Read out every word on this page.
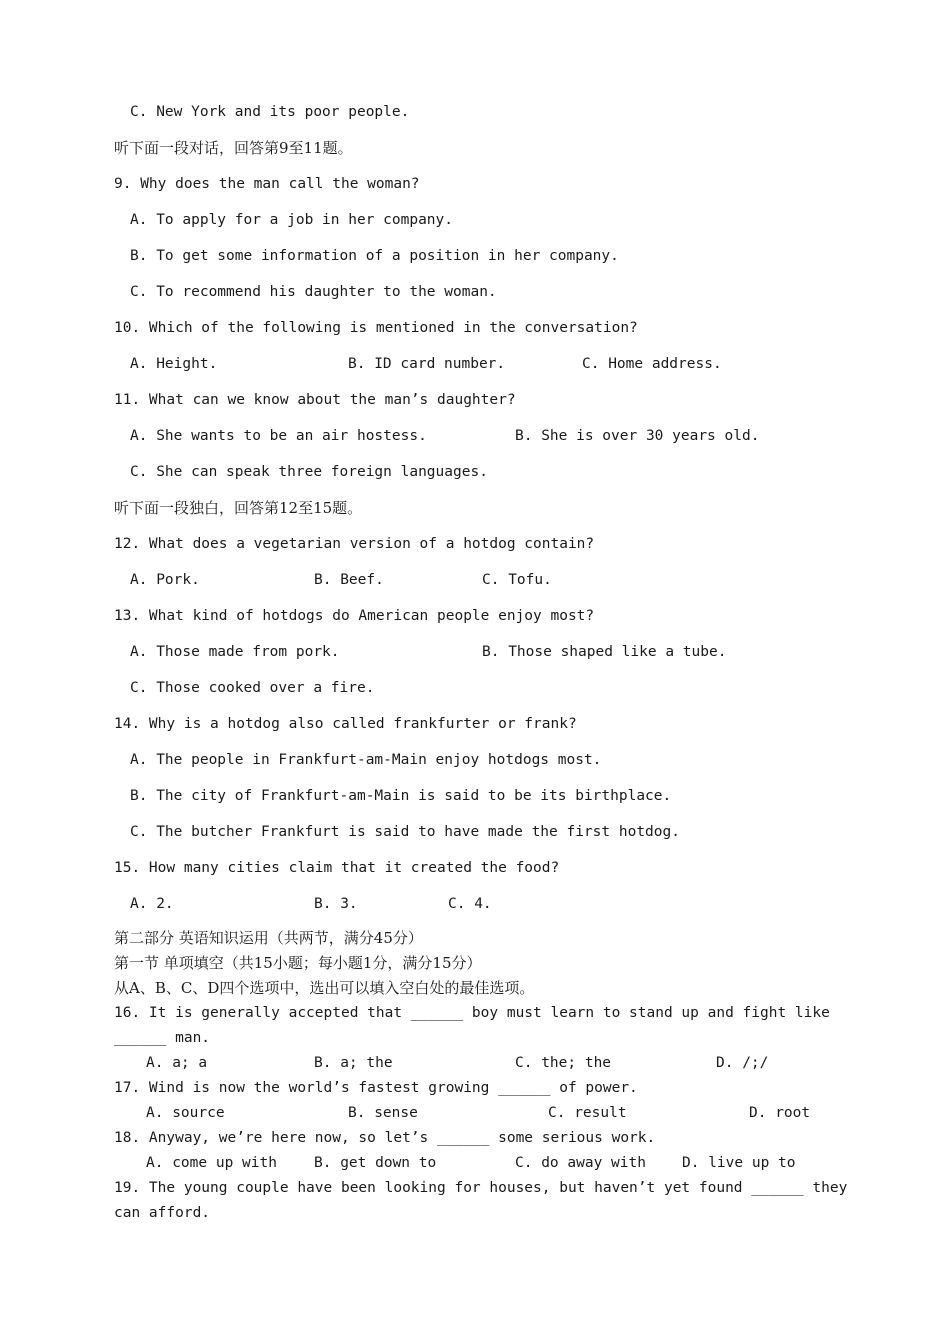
C. New York and its poor people.
听下面一段对话，回答第9至11题。
9. Why does the man call the woman?
A. To apply for a job in her company.
B. To get some information of a position in her company.
C. To recommend his daughter to the woman.
10. Which of the following is mentioned in the conversation?
A. Height.	B. ID card number.	C. Home address.
11. What can we know about the man’s daughter?
A. She wants to be an air hostess.	B. She is over 30 years old.
C. She can speak three foreign languages.
听下面一段独白，回答第12至15题。
12. What does a vegetarian version of a hotdog contain?
A. Pork.	B. Beef.	C. Tofu.
13. What kind of hotdogs do American people enjoy most?
A. Those made from pork.	B. Those shaped like a tube.
C. Those cooked over a fire.
14. Why is a hotdog also called frankfurter or frank?
A. The people in Frankfurt-am-Main enjoy hotdogs most.
B. The city of Frankfurt-am-Main is said to be its birthplace.
C. The butcher Frankfurt is said to have made the first hotdog.
15. How many cities claim that it created the food?
A. 2.	B. 3.	C. 4.
第二部分 英语知识运用（共两节，满分45分）
第一节 单项填空（共15小题；每小题1分，满分15分）
从A、B、C、D四个选项中，选出可以填入空白处的最佳选项。
16. It is generally accepted that ______ boy must learn to stand up and fight like
______ man.
A. a; a	B. a; the	C. the; the	D. /;/
17. Wind is now the world’s fastest growing ______ of power.
A. source	B. sense	C. result	D. root
18. Anyway, we’re here now, so let’s ______ some serious work.
A. come up with	B. get down to	C. do away with D. live up to
19. The young couple have been looking for houses, but haven’t yet found ______ they
can afford.
